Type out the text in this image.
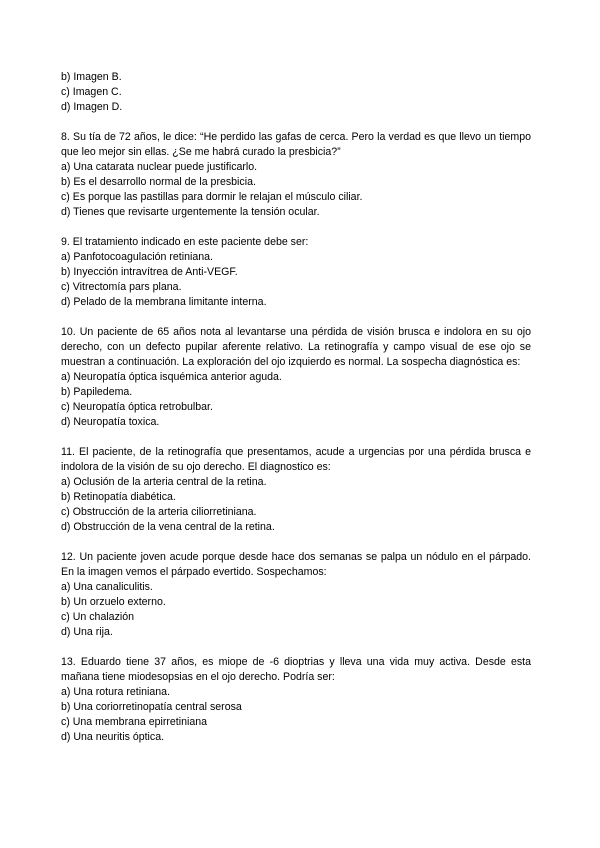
b) Imagen B.
c) Imagen C.
d) Imagen D.
8. Su tía de 72 años, le dice: “He perdido las gafas de cerca. Pero la verdad es que llevo un tiempo que leo mejor sin ellas. ¿Se me habrá curado la presbicia?”
a) Una catarata nuclear puede justificarlo.
b) Es el desarrollo normal de la presbicia.
c) Es porque las pastillas para dormir le relajan el músculo ciliar.
d) Tienes que revisarte urgentemente la tensión ocular.
9. El tratamiento indicado en este paciente debe ser:
a) Panfotocoagulación retiniana.
b) Inyección intravítrea de Anti-VEGF.
c) Vitrectomía pars plana.
d) Pelado de la membrana limitante interna.
10. Un paciente de 65 años nota al levantarse una pérdida de visión brusca e indolora en su ojo derecho, con un defecto pupilar aferente relativo. La retinografía y campo visual de ese ojo se muestran a continuación. La exploración del ojo izquierdo es normal. La sospecha diagnóstica es:
a) Neuropatía óptica isquémica anterior aguda.
b) Papiledema.
c) Neuropatía óptica retrobulbar.
d) Neuropatía toxica.
11. El paciente, de la retinografía que presentamos, acude a urgencias por una pérdida brusca e indolora de la visión de su ojo derecho. El diagnostico es:
a) Oclusión de la arteria central de la retina.
b) Retinopatía diabética.
c) Obstrucción de la arteria ciliorretiniana.
d) Obstrucción de la vena central de la retina.
12. Un paciente joven acude porque desde hace dos semanas se palpa un nódulo en el párpado. En la imagen vemos el párpado evertido. Sospechamos:
a) Una canaliculitis.
b) Un orzuelo externo.
c) Un chalazión
d) Una rija.
13. Eduardo tiene 37 años, es miope de -6 dioptrias y lleva una vida muy activa. Desde esta mañana tiene miodesopsias en el ojo derecho. Podría ser:
a) Una rotura retiniana.
b) Una coriorretinopatía central serosa
c) Una membrana epirretiniana
d) Una neuritis óptica.
